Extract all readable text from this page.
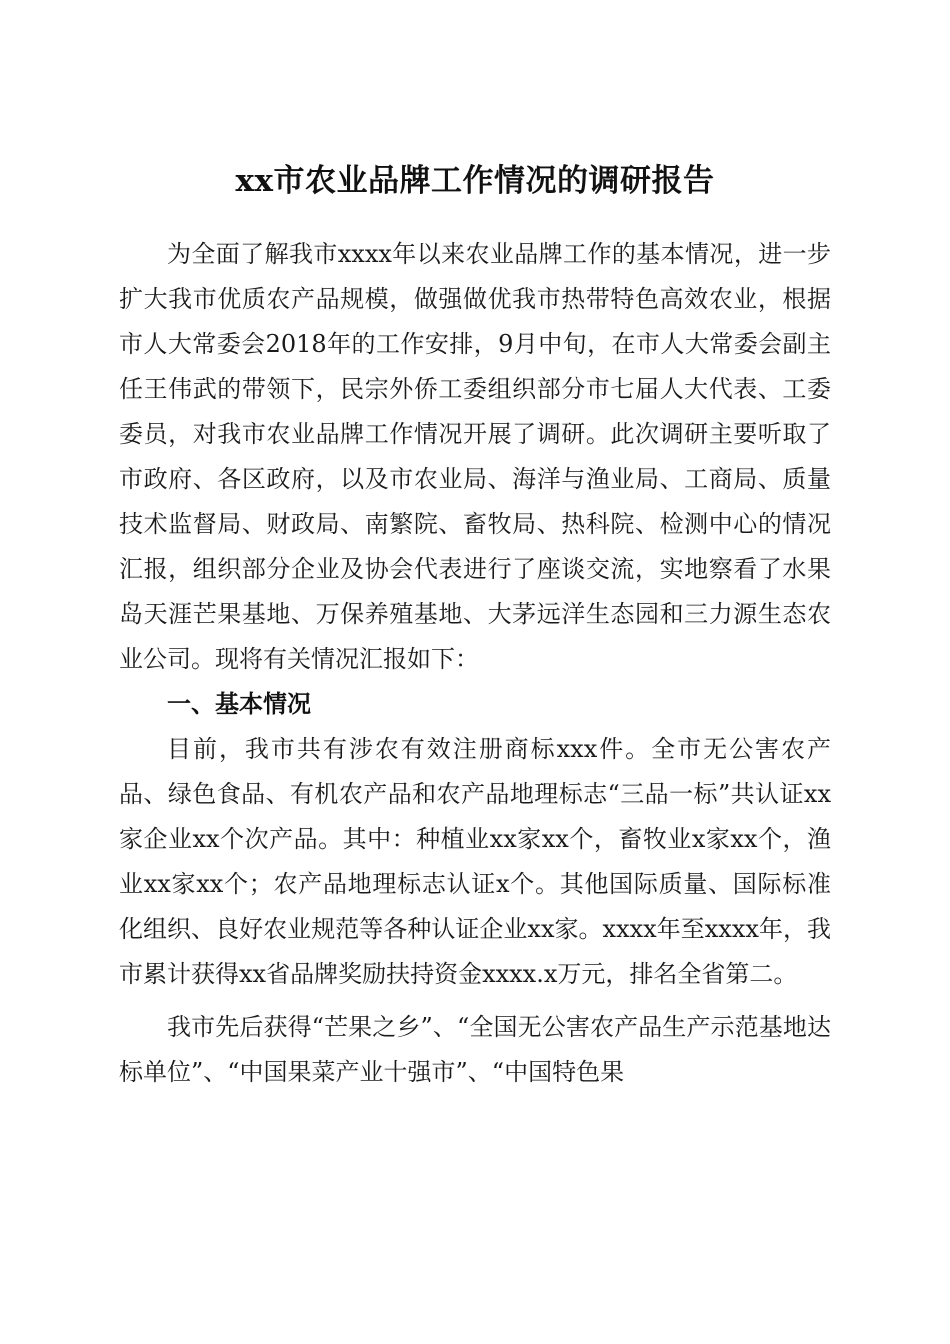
xx市农业品牌工作情况的调研报告

为全面了解我市xxxx年以来农业品牌工作的基本情况，进一步扩大我市优质农产品规模，做强做优我市热带特色高效农业，根据市人大常委会2018年的工作安排，9月中旬，在市人大常委会副主任王伟武的带领下，民宗外侨工委组织部分市七届人大代表、工委委员，对我市农业品牌工作情况开展了调研。此次调研主要听取了市政府、各区政府，以及市农业局、海洋与渔业局、工商局、质量技术监督局、财政局、南繁院、畜牧局、热科院、检测中心的情况汇报，组织部分企业及协会代表进行了座谈交流，实地察看了水果岛天涯芒果基地、万保养殖基地、大茅远洋生态园和三力源生态农业公司。现将有关情况汇报如下：

一、基本情况

目前，我市共有涉农有效注册商标xxx件。全市无公害农产品、绿色食品、有机农产品和农产品地理标志“三品一标”共认证xx家企业xx个次产品。其中：种植业xx家xx个，畜牧业x家xx个，渔业xx家xx个；农产品地理标志认证x个。其他国际质量、国际标准化组织、良好农业规范等各种认证企业xx家。xxxx年至xxxx年，我市累计获得xx省品牌奖励扶持资金xxxx.x万元，排名全省第二。

我市先后获得“芒果之乡”、“全国无公害农产品生产示范基地达标单位”、“中国果菜产业十强市”、“中国特色果
